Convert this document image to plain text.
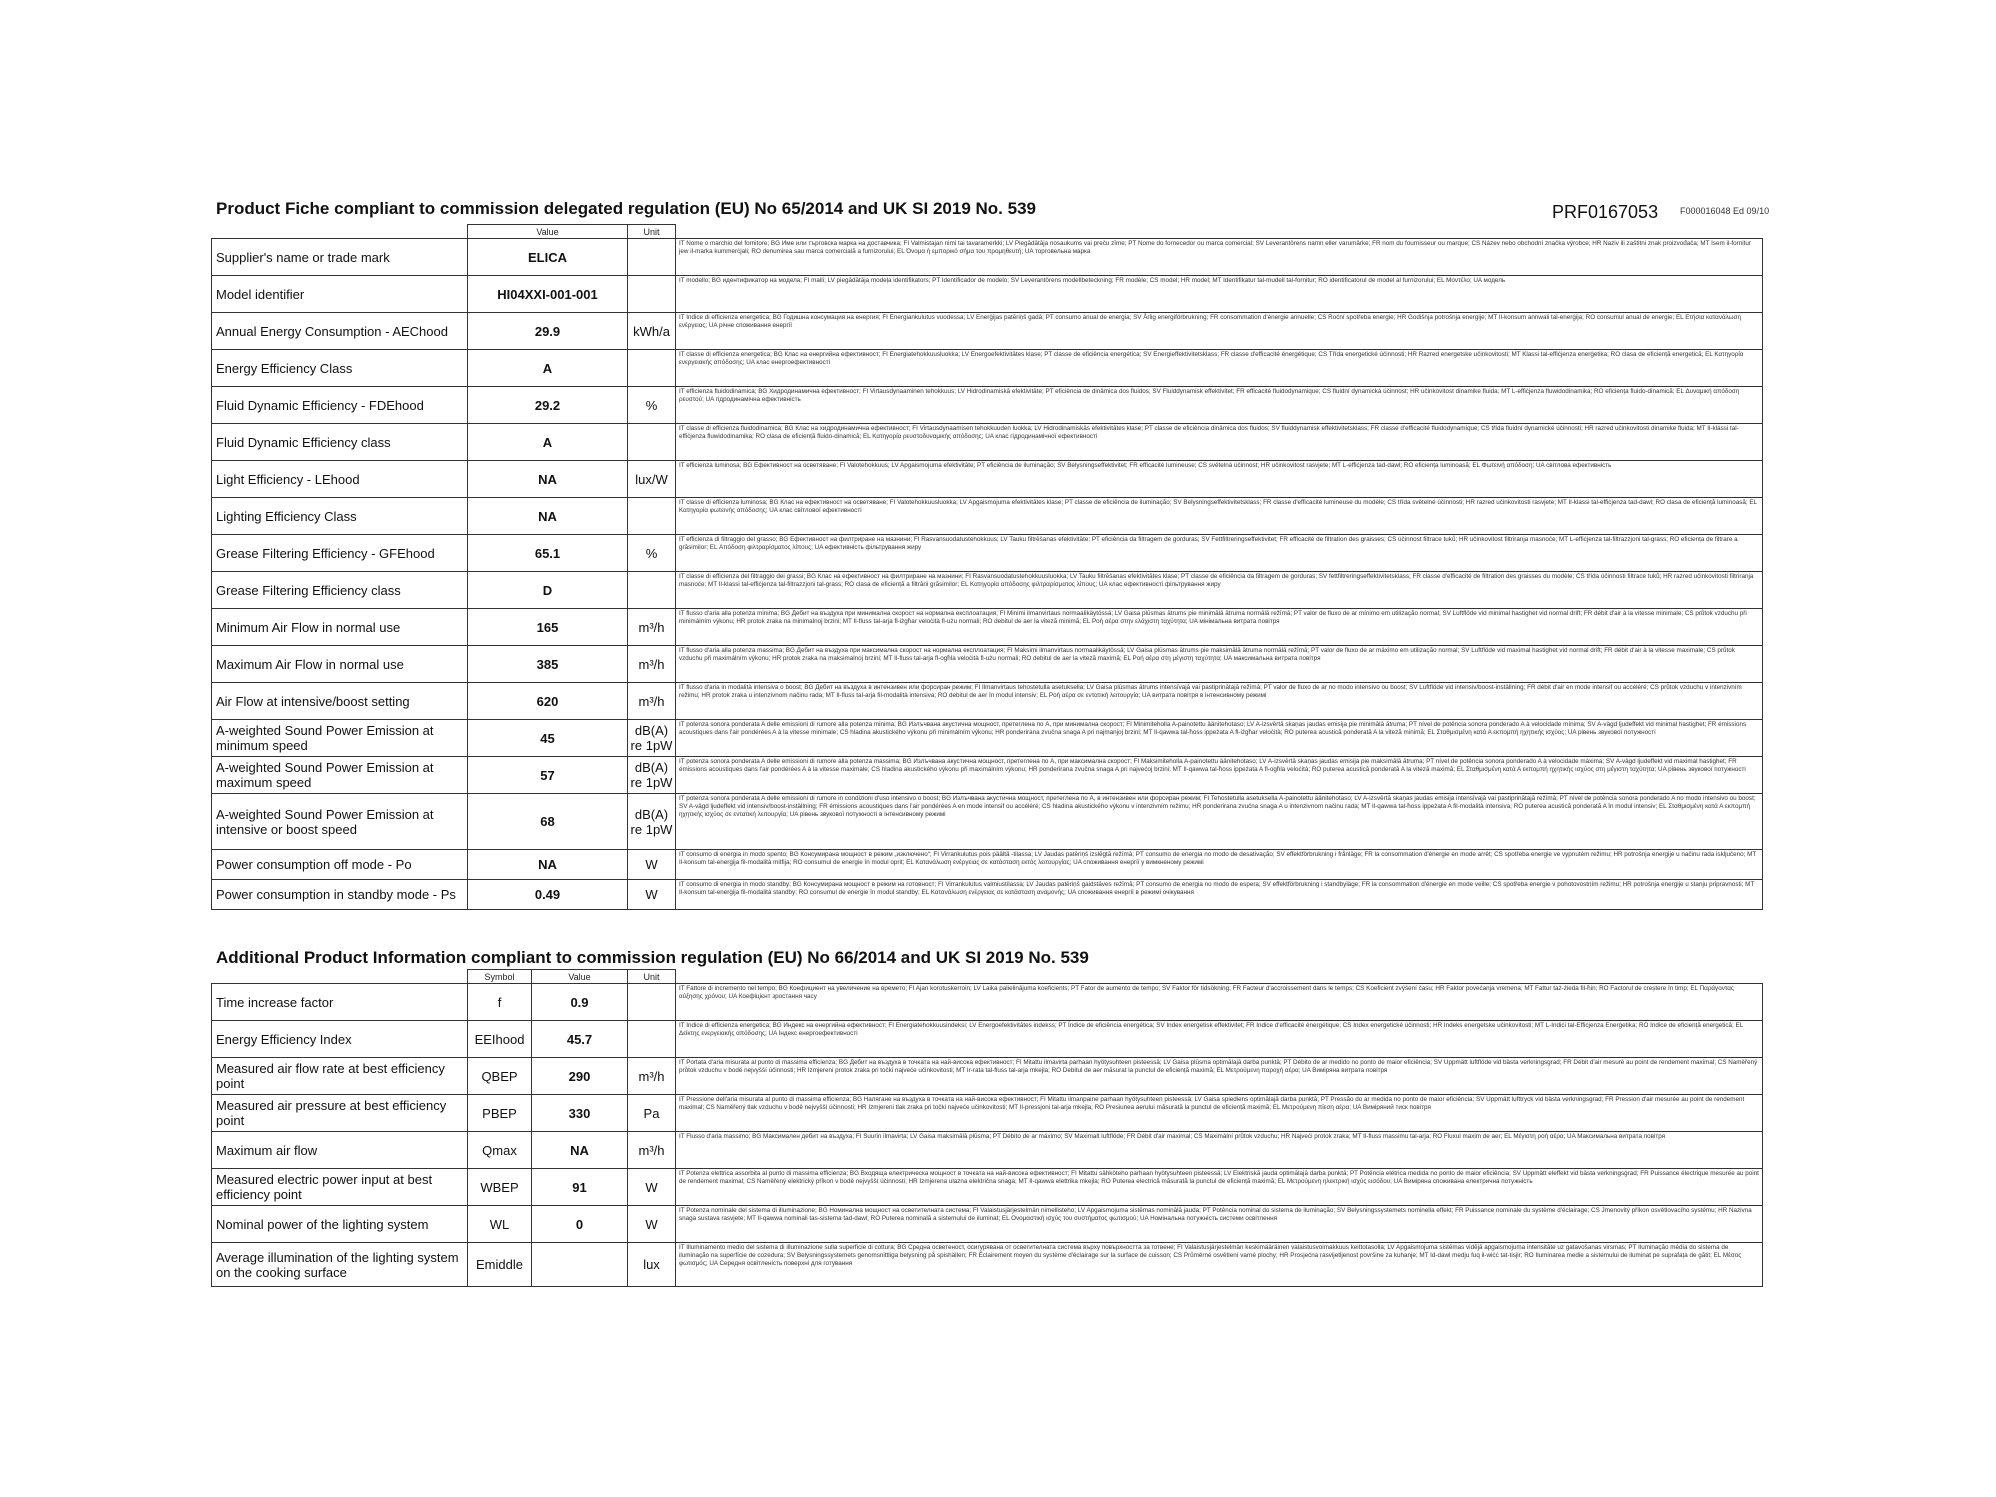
Product Fiche compliant to commission delegated regulation (EU) No 65/2014 and UK SI 2019 No. 539	PRF0167053 F000016048 Ed 09/10
	Value	Unit	
Supplier's name or trade mark	ELICA		IT Nome o marchio del fornitore; BG Име или търговска марка на доставчика; FI Valmistajan nimi tai tavaramerkki; LV Piegādātāja nosaukums vai preču zīme; PT Nome do fornecedor ou marca comercial; SV Leverantörens namn eller varumärke; FR nom du fournisseur ou marque; CS Název nebo obchodní značka výrobce; HR Naziv ili zaštitni znak proizvođača; MT Isem il-fornitur jew il-marka kummerċjali; RO denumirea sau marca comercială a furnizorului; EL Όνομα ή εμπορικό σήμα του προμηθευτή; UA торговельна марка
Model identifier	HI04XXI-001-001		IT modello; BG идентификатор на модела; FI malli; LV piegādātāja modeļa identifikators; PT Identificador de modelo; SV Leverantörens modellbeteckning; FR modèle; CS model; HR model; MT Identifikatur tal-mudell tal-fornitur; RO identificatorul de model al furnizorului; EL Μοντέλο; UA модель
Annual Energy Consumption - AEChood	29.9	kWh/a	IT Indice di efficienza energetica; BG Годишна консумация на енергия; FI Energiankulutus vuodessa; LV Enerģijas patēriņš gadā; PT consumo anual de energia; SV Årlig energiförbrukning; FR consommation d'énergie annuelle; CS Roční spotřeba energie; HR Godišnja potrošnja energije; MT Il-konsum annwali tal-enerġija; RO consumul anual de energie; EL Ετήσια κατανάλωση ενέργειας; UA річне споживання енергії
Energy Efficiency Class	A		IT classe di efficienza energetica; BG Клас на енергийна ефективност; FI Energiatehokkuusluokka; LV Energoefektivitātes klase; PT classe de eficiência energética; SV Energieffektivitetsklass; FR classe d'efficacité énergétique; CS Třída energetické účinnosti; HR Razred energetske učinkovitosti; MT Klassi tal-effiċjenza enerġetika; RO clasa de eficiență energetică; EL Κατηγορία ενεργειακής απόδοσης; UA клас енергоефективності
Fluid Dynamic Efficiency - FDEhood	29.2	%	IT efficienza fluidodinamica; BG Хидродинамична ефективност; FI Virtausdynaaminen tehokkuus; LV Hidrodinamiskā efektivitāte; PT eficiência de dinâmica dos fluidos; SV Fluiddynamisk effektivitet; FR efficacité fluidodynamique; CS fluidní dynamická účinnost; HR učinkovitost dinamike fluida; MT L-effiċjenza fluwidodinamika; RO eficiența fluido-dinamică; EL Δυναμική απόδοση ρευστού; UA гідродинамічна ефективність
Fluid Dynamic Efficiency class	A		IT classe di efficienza fluidodinamica; BG Клас на хидродинамична ефективност; FI Virtausdynaamisen tehokkuuden luokka; LV Hidrodinamiskās efektivitātes klase; PT classe de eficiência dinâmica dos fluidos; SV fluiddynamisk effektivitetsklass; FR classe d'efficacité fluidodynamique; CS třída fluidní dynamické účinnosti; HR razred učinkovitosti dinamike fluida; MT Il-klassi tal-effiċjenza fluwidodinamika; RO clasa de eficiență fluido-dinamică; EL Κατηγορία ρευστοδυναμικής απόδοσης; UA клас гідродинамічної ефективності
Light Efficiency - LEhood	NA	lux/W	IT efficienza luminosa; BG Ефективност на осветяване; FI Valotehokkuus; LV Apgaismojuma efektivitāte; PT eficiência de iluminação; SV Belysningseffektivitet; FR efficacité lumineuse; CS světelná účinnost; HR učinkovitost rasvjete; MT L-effiċjenza tad-dawl; RO eficiența luminoasă; EL Φωτεινή απόδοση; UA світлова ефективність
Lighting Efficiency Class	NA		IT classe di efficienza luminosa; BG Клас на ефективност на осветяване; FI Valotehokkuusluokka; LV Apgaismojuma efektivitātes klase; PT classe de eficiência de iluminação; SV Belysningseffektivitetsklass; FR classe d'efficacité lumineuse du modèle; CS třída světelné účinnosti; HR razred učinkovitosti rasvjete; MT Il-klassi tal-effiċjenza tad-dawl; RO clasa de eficiență luminoasă; EL Κατηγορία φωτεινής απόδοσης; UA клас світлової ефективності
Grease Filtering Efficiency - GFEhood	65.1	%	IT efficienza di filtraggio del grasso; BG Ефективност на филтриране на мазнини; FI Rasvansuodatustehokkuus; LV Tauku filtrēšanas efektivitāte; PT eficiência da filtragem de gorduras; SV Fettfiltreringseffektivitet; FR efficacité de filtration des graisses; CS účinnost filtrace tuků; HR učinkovitost filtriranja masnoće; MT L-effiċjenza tal-filtrazzjoni tal-grass; RO eficiența de filtrare a grăsimilor; EL Απόδοση φιλτραρίσματος λίπους; UA ефективність фільтрування жиру
Grease Filtering Efficiency class	D		IT classe di efficienza del filtraggio dei grassi; BG Клас на ефективност на филтриране на мазнини; FI Rasvansuodatustehokkuusluokka; LV Tauku filtrēšanas efektivitātes klase; PT classe de eficiência da filtragem de gorduras; SV fettfiltreringseffektivitetsklass; FR classe d'efficacité de filtration des graisses du modèle; CS třída účinnosti filtrace tuků; HR razred učinkovitosti filtriranja masnoće; MT Il-klassi tal-effiċjenza tal-filtrazzjoni tal-grass; RO clasa de eficiență a filtrării grăsimilor; EL Κατηγορία απόδοσης φιλτραρίσματος λίπους; UA клас ефективності фільтрування жиру
Minimum Air Flow in normal use	165	m³/h	IT flusso d'aria alla potenza minima; BG Дебит на въздуха при минимална скорост на нормална експлоатация; FI Minimi ilmanvirtaus normaalikäytössä; LV Gaisa plūsmas ātrums pie minimālā ātruma normālā režīmā; PT valor de fluxo de ar mínimo em utilização normal; SV Luftflöde vid minimal hastighet vid normal drift; FR débit d'air à la vitesse minimale; CS průtok vzduchu při minimálním výkonu; HR protok zraka na minimalnoj brzini; MT Il-fluss tal-arja fl-iżgħar veloċità fl-użu normali; RO debitul de aer la viteză minimă; EL Ροή αέρα στην ελάχιστη ταχύτητα; UA мінімальна витрата повітря
Maximum Air Flow in normal use	385	m³/h	IT flusso d'aria alla potenza massima; BG Дебит на въздуха при максимална скорост на нормална експлоатация; FI Maksimi ilmanvirtaus normaalikäytössä; LV Gaisa plūsmas ātrums pie maksimālā ātruma normālā režīmā; PT valor de fluxo de ar máximo em utilização normal; SV Luftflöde vid maximal hastighet vid normal drift; FR débit d'air à la vitesse maximale; CS průtok vzduchu při maximálním výkonu; HR protok zraka na maksimalnoj brzini; MT Il-fluss tal-arja fl-ogħla veloċità fl-użu normali; RO debitul de aer la viteză maximă; EL Ροή αέρα στη μέγιστη ταχύτητα; UA максимальна витрата повітря
Air Flow at intensive/boost setting	620	m³/h	IT flusso d'aria in modalità intensiva o boost; BG Дебит на въздуха в интензивен или форсиран режим; FI Ilmanvirtaus tehostetulla asetuksella; LV Gaisa plūsmas ātrums intensīvajā vai pastiprinātajā režīmā; PT valor de fluxo de ar no modo intensivo ou boost; SV Luftflöde vid intensiv/boost-inställning; FR débit d'air en mode intensif ou accéléré; CS průtok vzduchu v intenzivním režimu; HR protok zraka u intenzivnom načinu rada; MT Il-fluss tal-arja fil-modalità intensiva; RO debitul de aer în modul intensiv; EL Ροή αέρα σε εντατική λειτουργία; UA витрата повітря в інтенсивному режимі
A-weighted Sound Power Emission at minimum speed	45	dB(A) re 1pW	IT potenza sonora ponderata A delle emissioni di rumore alla potenza minima; BG Излъчвана акустична мощност, претеглена по А, при минимална скорост; FI Minimiteholla A-painotettu äänitehotaso; LV A-izsvērtā skaņas jaudas emisija pie minimālā ātruma; PT nível de potência sonora ponderado A à velocidade mínima; SV A-vägd ljudeffekt vid minimal hastighet; FR émissions acoustiques dans l'air pondérées A à la vitesse minimale; CS hladina akustického výkonu při minimálním výkonu; HR ponderirana zvučna snaga A pri najmanjoj brzini; MT Il-qawwa tal-ħoss ippeżata A fl-iżgħar veloċità; RO puterea acustică ponderată A la viteză minimă; EL Σταθμισμένη κατά Α εκπομπή ηχητικής ισχύος; UA рівень звукової потужності
A-weighted Sound Power Emission at maximum speed	57	dB(A) re 1pW	IT potenza sonora ponderata A delle emissioni di rumore alla potenza massima; BG Излъчвана акустична мощност, претеглена по А, при максимална скорост; FI Maksimiteholla A-painotettu äänitehotaso; LV A-izsvērtā skaņas jaudas emisija pie maksimālā ātruma; PT nível de potência sonora ponderado A à velocidade máxima; SV A-vägd ljudeffekt vid maximal hastighet; FR émissions acoustiques dans l'air pondérées A à la vitesse maximale; CS hladina akustického výkonu při maximálním výkonu; HR ponderirana zvučna snaga A pri najvećoj brzini; MT Il-qawwa tal-ħoss ippeżata A fl-ogħla veloċità; RO puterea acustică ponderată A la viteză maximă; EL Σταθμισμένη κατά Α εκπομπή ηχητικής ισχύος στη μέγιστη ταχύτητα; UA рівень звукової потужності
A-weighted Sound Power Emission at intensive or boost speed	68	dB(A) re 1pW	IT potenza sonora ponderata A delle emissioni di rumore in condizioni d'uso intensivo o boost; BG Излъчвана акустична мощност, претеглена по А, в интензивен или форсиран режим; FI Tehostetulla asetuksella A-painotettu äänitehotaso; LV A-izsvērtā skaņas jaudas emisija intensīvajā vai pastiprinātajā režīmā; PT nível de potência sonora ponderado A no modo intensivo ou boost; SV A-vägd ljudeffekt vid intensiv/boost-inställning; FR émissions acoustiques dans l'air pondérées A en mode intensif ou accéléré; CS hladina akustického výkonu v intenzivním režimu; HR ponderirana zvučna snaga A u intenzivnom načinu rada; MT Il-qawwa tal-ħoss ippeżata A fil-modalità intensiva; RO puterea acustică ponderată A în modul intensiv; EL Σταθμισμένη κατά Α εκπομπή ηχητικής ισχύος σε εντατική λειτουργία; UA рівень звукової потужності в інтенсивному режимі
Power consumption off mode - Po	NA	W	IT consumo di energia in modo spento; BG Консумирана мощност в режим „изключено“; FI Virrankulutus pois päältä -tilassa; LV Jaudas patēriņš izslēgtā režīmā; PT consumo de energia no modo de desativação; SV effektförbrukning i frånläge; FR la consommation d'énergie en mode arrêt; CS spotřeba energie ve vypnutém režimu; HR potrošnja energije u načinu rada isključeno; MT Il-konsum tal-enerġija fil-modalità mitfija; RO consumul de energie în modul oprit; EL Κατανάλωση ενέργειας σε κατάσταση εκτός λειτουργίας; UA споживання енергії у вимкненому режимі
Power consumption in standby mode - Ps	0.49	W	IT consumo di energia in modo standby; BG Консумирана мощност в режим на готовност; FI Virrankulutus valmiustilassa; LV Jaudas patēriņš gaidstāves režīmā; PT consumo de energia no modo de espera; SV effektförbrukning i standbyläge; FR la consommation d'énergie en mode veille; CS spotřeba energie v pohotovostním režimu; HR potrošnja energije u stanju pripravnosti; MT Il-konsum tal-enerġija fil-modalità standby; RO consumul de energie în modul standby; EL Κατανάλωση ενέργειας σε κατάσταση αναμονής; UA споживання енергії в режимі очікування
Additional Product Information compliant to commission regulation (EU) No 66/2014 and UK SI 2019 No. 539
	Symbol	Value	Unit	
Time increase factor	f	0.9		IT Fattore di incremento nel tempo; BG Коефициент на увеличение на времето; FI Ajan korotuskerroin; LV Laika palielinājuma koeficients; PT Fator de aumento de tempo; SV Faktor för tidsökning; FR Facteur d'accroissement dans le temps; CS Koeficient zvýšení času; HR Faktor povećanja vremena; MT Fattur taż-żieda fil-ħin; RO Factorul de creștere în timp; EL Παράγοντας αύξησης χρόνου; UA Коефіцієнт зростання часу
Energy Efficiency Index	EEIhood	45.7		IT Indice di efficienza energetica; BG Индекс на енергийна ефективност; FI Energiatehokkuusindeksi; LV Energoefektivitātes indekss; PT Índice de eficiência energética; SV Index energetisk effektivitet; FR Indice d'efficacité énergétique; CS Index energetické účinnosti; HR Indeks energetske učinkovitosti; MT L-Indiċi tal-Effiċjenza Enerġetika; RO Indice de eficiență energetică; EL Δείκτης ενεργειακής απόδοσης; UA Індекс енергоефективності
Measured air flow rate at best efficiency point	QBEP	290	m³/h	IT Portata d'aria misurata al punto di massima efficienza; BG Дебит на въздуха в точката на най-висока ефективност; FI Mitattu ilmavirta parhaan hyötysuhteen pisteessä; LV Gaisa plūsma optimālajā darba punktā; PT Débito de ar medido no ponto de maior eficiência; SV Uppmätt luftflöde vid bästa verkningsgrad; FR Débit d'air mesuré au point de rendement maximal; CS Naměřený průtok vzduchu v bodě nejvyšší účinnosti; HR Izmjereni protok zraka pri točki najveće učinkovitosti; MT Ir-rata tal-fluss tal-arja mkejla; RO Debitul de aer măsurat la punctul de eficiență maximă; EL Μετρούμενη παροχή αέρα; UA Виміряна витрата повітря
Measured air pressure at best efficiency point	PBEP	330	Pa	IT Pressione dell'aria misurata al punto di massima efficienza; BG Налягане на въздуха в точката на най-висока ефективност; FI Mitattu ilmanpaine parhaan hyötysuhteen pisteessä; LV Gaisa spiediens optimālajā darba punktā; PT Pressão do ar medida no ponto de maior eficiência; SV Uppmätt lufttryck vid bästa verkningsgrad; FR Pression d'air mesurée au point de rendement maximal; CS Naměřený tlak vzduchu v bodě nejvyšší účinnosti; HR Izmjereni tlak zraka pri točki najveće učinkovitosti; MT Il-pressjoni tal-arja mkejla; RO Presiunea aerului măsurată la punctul de eficiență maximă; EL Μετρούμενη πίεση αέρα; UA Виміряний тиск повітря
Maximum air flow	Qmax	NA	m³/h	IT Flusso d'aria massimo; BG Максимален дебит на въздуха; FI Suurin ilmavirta; LV Gaisa maksimālā plūsma; PT Débito de ar máximo; SV Maximalt luftflöde; FR Débit d'air maximal; CS Maximální průtok vzduchu; HR Najveći protok zraka; MT Il-fluss massimu tal-arja; RO Fluxul maxim de aer; EL Μέγιστη ροή αέρα; UA Максимальна витрата повітря
Measured electric power input at best efficiency point	WBEP	91	W	IT Potenza elettrica assorbita al punto di massima efficienza; BG Входяща електрическа мощност в точката на най-висока ефективност; FI Mitattu sähköteho parhaan hyötysuhteen pisteessä; LV Elektriskā jauda optimālajā darba punktā; PT Potência elétrica medida no ponto de maior eficiência; SV Uppmätt eleffekt vid bästa verkningsgrad; FR Puissance électrique mesurée au point de rendement maximal; CS Naměřený elektrický příkon v bodě nejvyšší účinnosti; HR Izmjerena ulazna električna snaga; MT Il-qawwa elettrika mkejla; RO Puterea electrică măsurată la punctul de eficiență maximă; EL Μετρούμενη ηλεκτρική ισχύς εισόδου; UA Виміряна споживана електрична потужність
Nominal power of the lighting system	WL	0	W	IT Potenza nominale del sistema di illuminazione; BG Номинална мощност на осветителната система; FI Valaistusjärjestelmän nimellisteho; LV Apgaismojuma sistēmas nominālā jauda; PT Potência nominal do sistema de iluminação; SV Belysningssystemets nominella effekt; FR Puissance nominale du système d'éclairage; CS Jmenovitý příkon osvětlovacího systému; HR Nazivna snaga sustava rasvjete; MT Il-qawwa nominali tas-sistema tad-dawl; RO Puterea nominală a sistemului de iluminat; EL Ονομαστική ισχύς του συστήματος φωτισμού; UA Номінальна потужність системи освітлення
Average illumination of the lighting system on the cooking surface	Emiddle		lux	IT Illuminamento medio del sistema di illuminazione sulla superficie di cottura; BG Средна осветеност, осигурявана от осветителната система върху повърхността за готвене; FI Valaistusjärjestelmän keskimääräinen valaistusvoimakkuus keittotasolla; LV Apgaismojuma sistēmas vidējā apgaismojuma intensitāte uz gatavošanas virsmas; PT Iluminação média do sistema de iluminação na superfície de cozedura; SV Belysningssystemets genomsnittliga belysning på spishällen; FR Éclairement moyen du système d'éclairage sur la surface de cuisson; CS Průměrné osvětlení varné plochy; HR Prosječna rasvijetljenost površine za kuhanje; MT Id-dawl medju fuq il-wiċċ tat-tisjir; RO Iluminarea medie a sistemului de iluminat pe suprafața de gătit; EL Μέσος φωτισμός; UA Середня освітленість поверхні для готування
